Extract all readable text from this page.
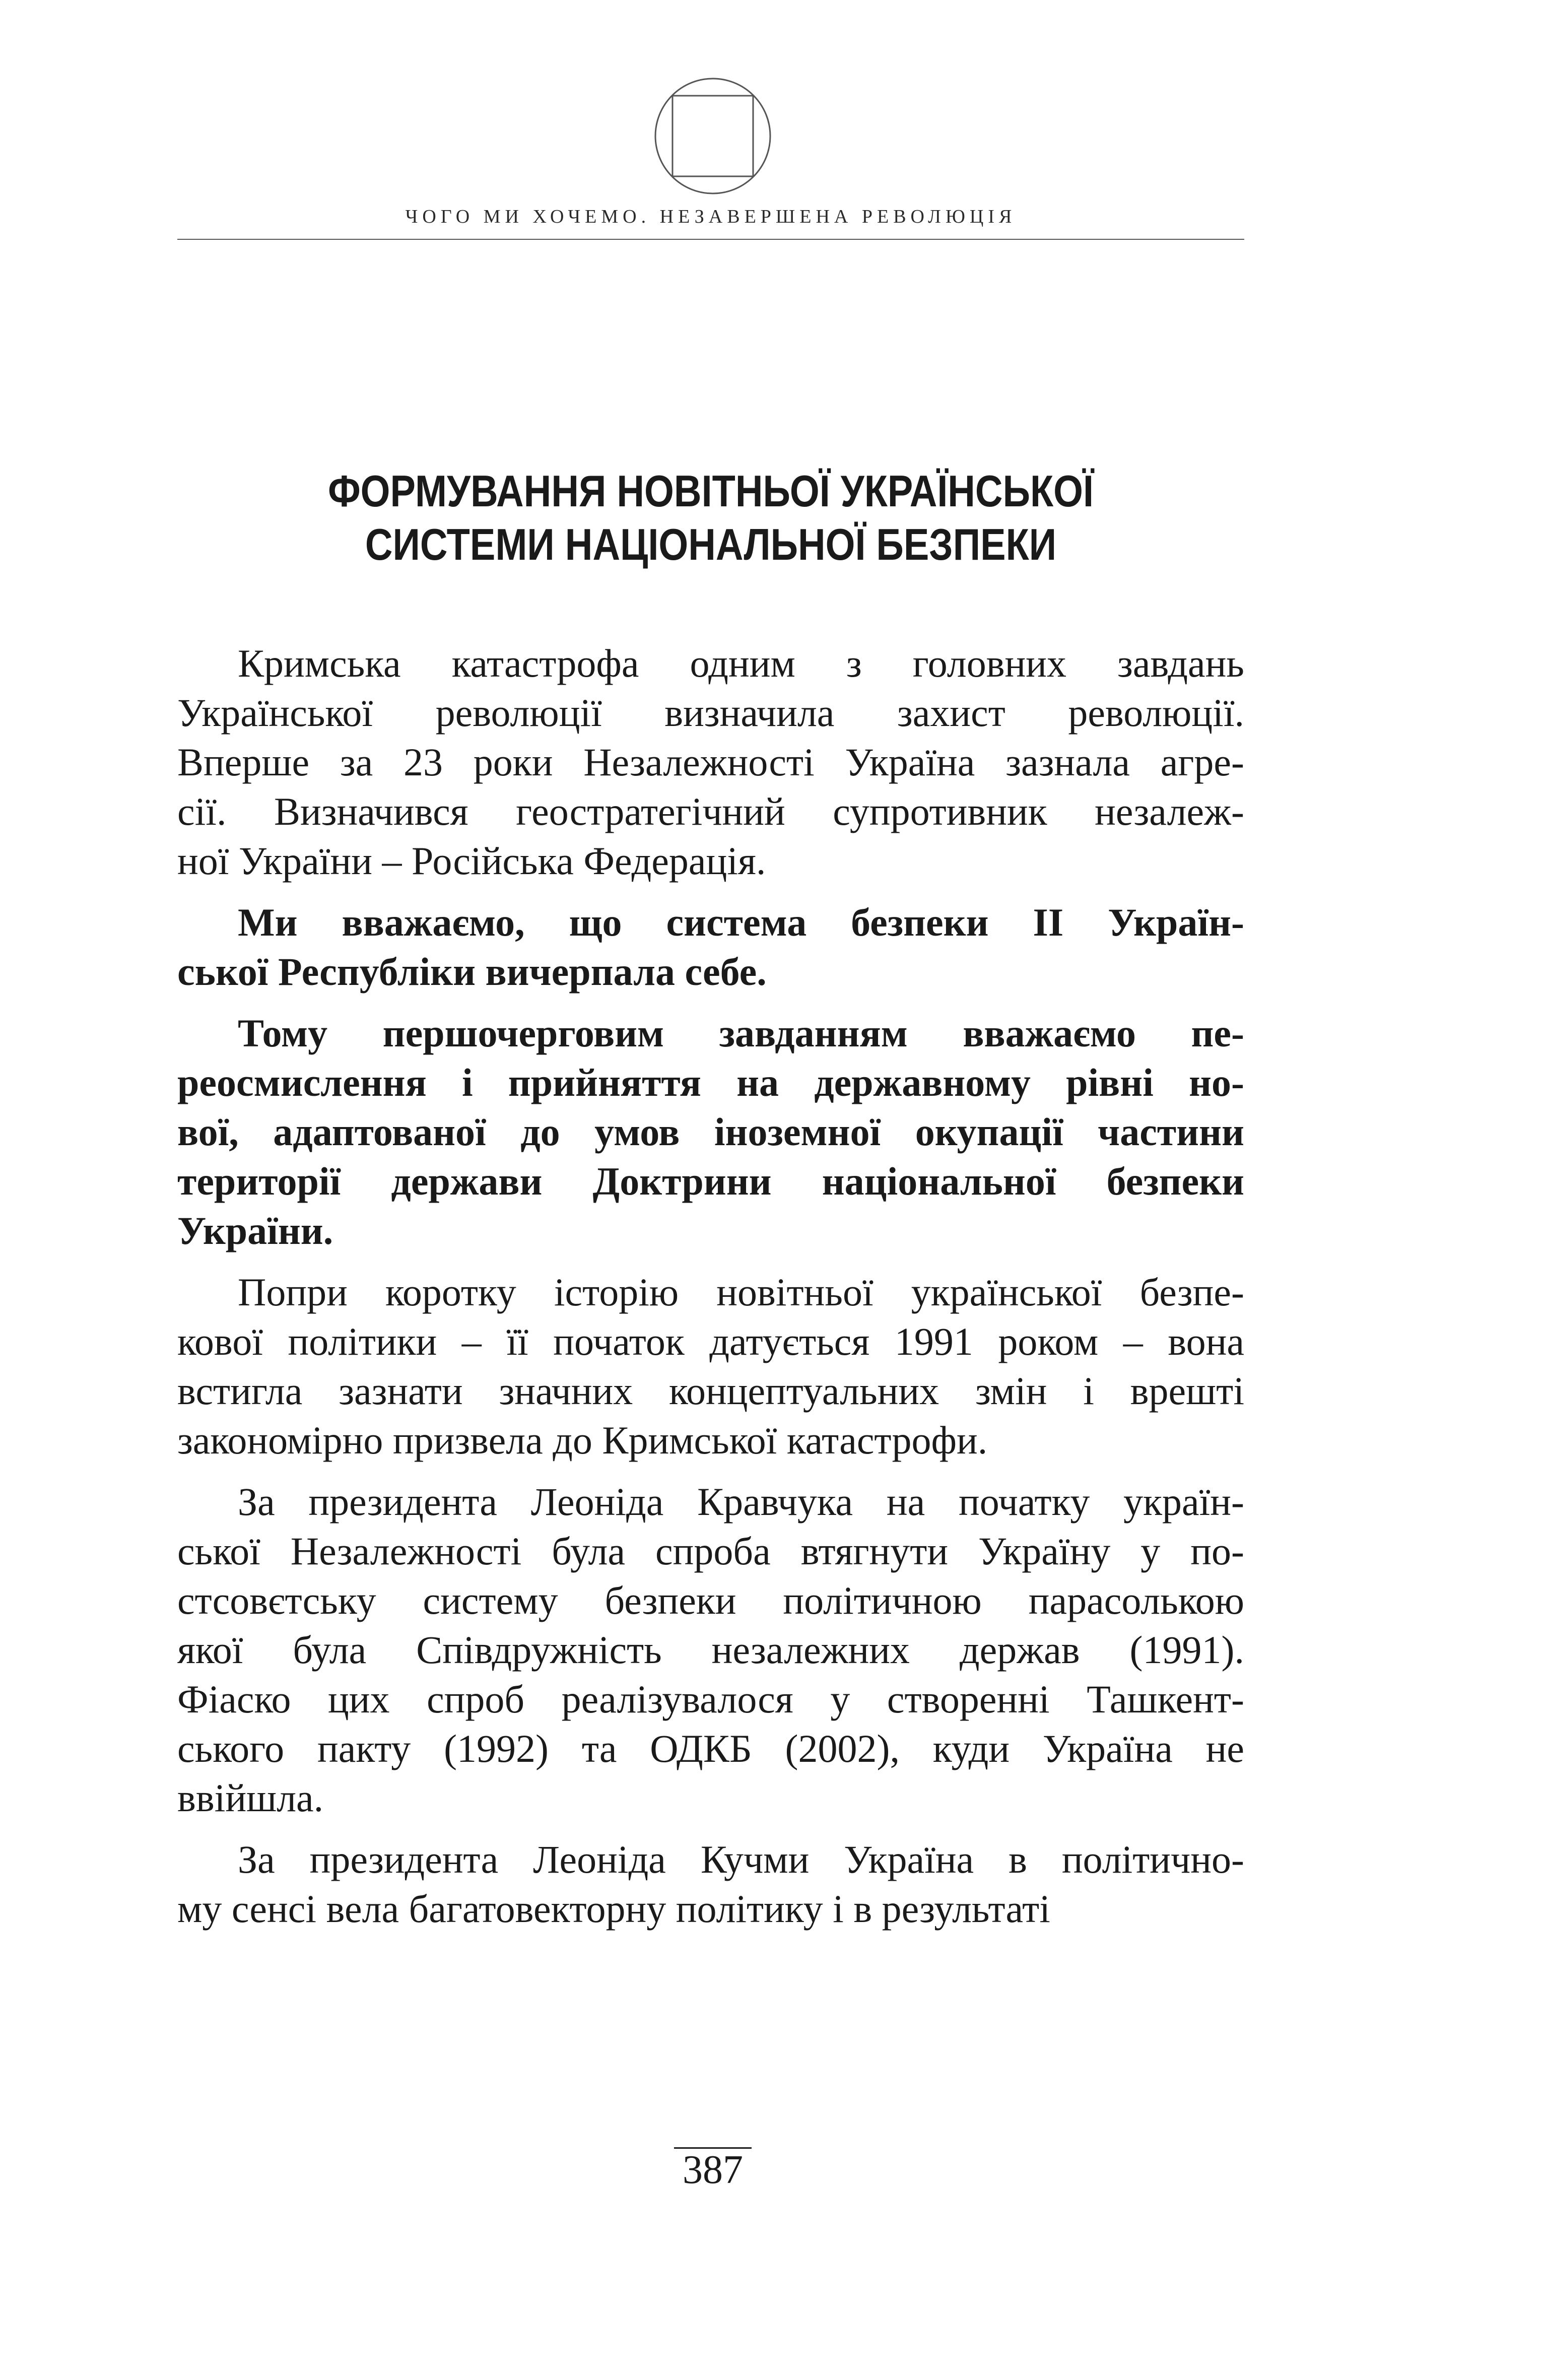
ЧОГО МИ ХОЧЕМО. НЕЗАВЕРШЕНА РЕВОЛЮЦІЯ
ФОРМУВАННЯ НОВІТНЬОЇ УКРАЇНСЬКОЇ
СИСТЕМИ НАЦІОНАЛЬНОЇ БЕЗПЕКИ
Кримська катастрофа одним з головних завдань
Української революції визначила захист революції.
Вперше за 23 роки Незалежності Україна зазнала агре-
сії. Визначився геостратегічний супротивник незалеж-
ної України – Російська Федерація.
Ми вважаємо, що система безпеки ІІ Україн-
ської Республіки вичерпала себе.
Тому першочерговим завданням вважаємо пе-
реосмислення і прийняття на державному рівні но-
вої, адаптованої до умов іноземної окупації частини
території держави Доктрини національної безпеки
України.
Попри коротку історію новітньої української безпе-
кової політики – її початок датується 1991 роком – вона
встигла зазнати значних концептуальних змін і врешті
закономірно призвела до Кримської катастрофи.
За президента Леоніда Кравчука на початку україн-
ської Незалежності була спроба втягнути Україну у по-
стсовєтську систему безпеки політичною парасолькою
якої була Співдружність незалежних держав (1991).
Фіаско цих спроб реалізувалося у створенні Ташкент-
ського пакту (1992) та ОДКБ (2002), куди Україна не
ввійшла.
За президента Леоніда Кучми Україна в політично-
му сенсі вела багатовекторну політику і в результаті
387
